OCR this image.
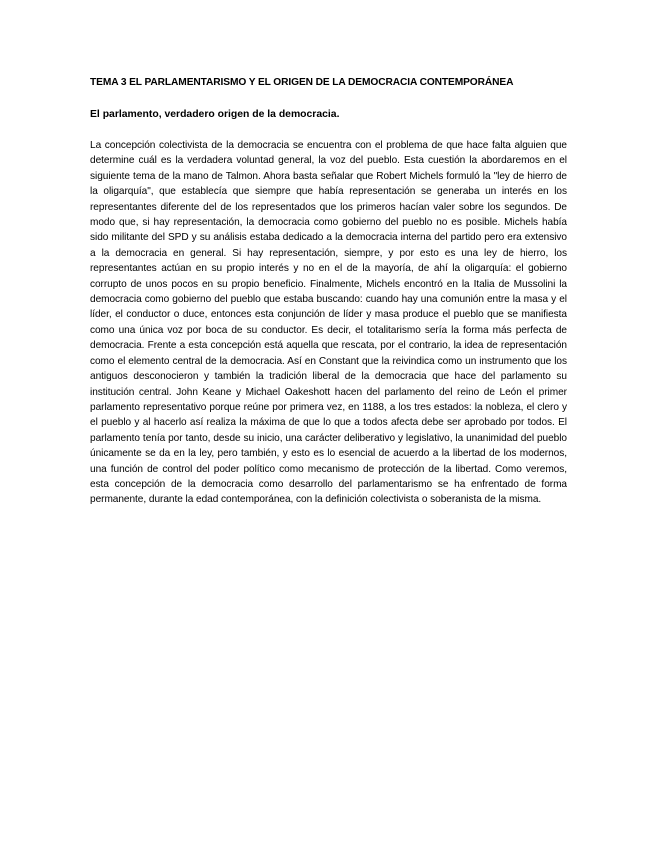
TEMA 3 EL PARLAMENTARISMO Y EL ORIGEN DE LA DEMOCRACIA CONTEMPORÁNEA

El parlamento, verdadero origen de la democracia.

La concepción colectivista de la democracia se encuentra con el problema de que hace falta alguien que determine cuál es la verdadera voluntad general, la voz del pueblo. Esta cuestión la abordaremos en el siguiente tema de la mano de Talmon. Ahora basta señalar que Robert Michels formuló la "ley de hierro de la oligarquía", que establecía que siempre que había representación se generaba un interés en los representantes diferente del de los representados que los primeros hacían valer sobre los segundos. De modo que, si hay representación, la democracia como gobierno del pueblo no es posible. Michels había sido militante del SPD y su análisis estaba dedicado a la democracia interna del partido pero era extensivo a la democracia en general. Si hay representación, siempre, y por esto es una ley de hierro, los representantes actúan en su propio interés y no en el de la mayoría, de ahí la oligarquía: el gobierno corrupto de unos pocos en su propio beneficio. Finalmente, Michels encontró en la Italia de Mussolini la democracia como gobierno del pueblo que estaba buscando: cuando hay una comunión entre la masa y el líder, el conductor o duce, entonces esta conjunción de líder y masa produce el pueblo que se manifiesta como una única voz por boca de su conductor. Es decir, el totalitarismo sería la forma más perfecta de democracia. Frente a esta concepción está aquella que rescata, por el contrario, la idea de representación como el elemento central de la democracia. Así en Constant que la reivindica como un instrumento que los antiguos desconocieron y también la tradición liberal de la democracia que hace del parlamento su institución central. John Keane y Michael Oakeshott hacen del parlamento del reino de León el primer parlamento representativo porque reúne por primera vez, en 1188, a los tres estados: la nobleza, el clero y el pueblo y al hacerlo así realiza la máxima de que lo que a todos afecta debe ser aprobado por todos. El parlamento tenía por tanto, desde su inicio, una carácter deliberativo y legislativo, la unanimidad del pueblo únicamente se da en la ley, pero también, y esto es lo esencial de acuerdo a la libertad de los modernos, una función de control del poder político como mecanismo de protección de la libertad. Como veremos, esta concepción de la democracia como desarrollo del parlamentarismo se ha enfrentado de forma permanente, durante la edad contemporánea, con la definición colectivista o soberanista de la misma.
